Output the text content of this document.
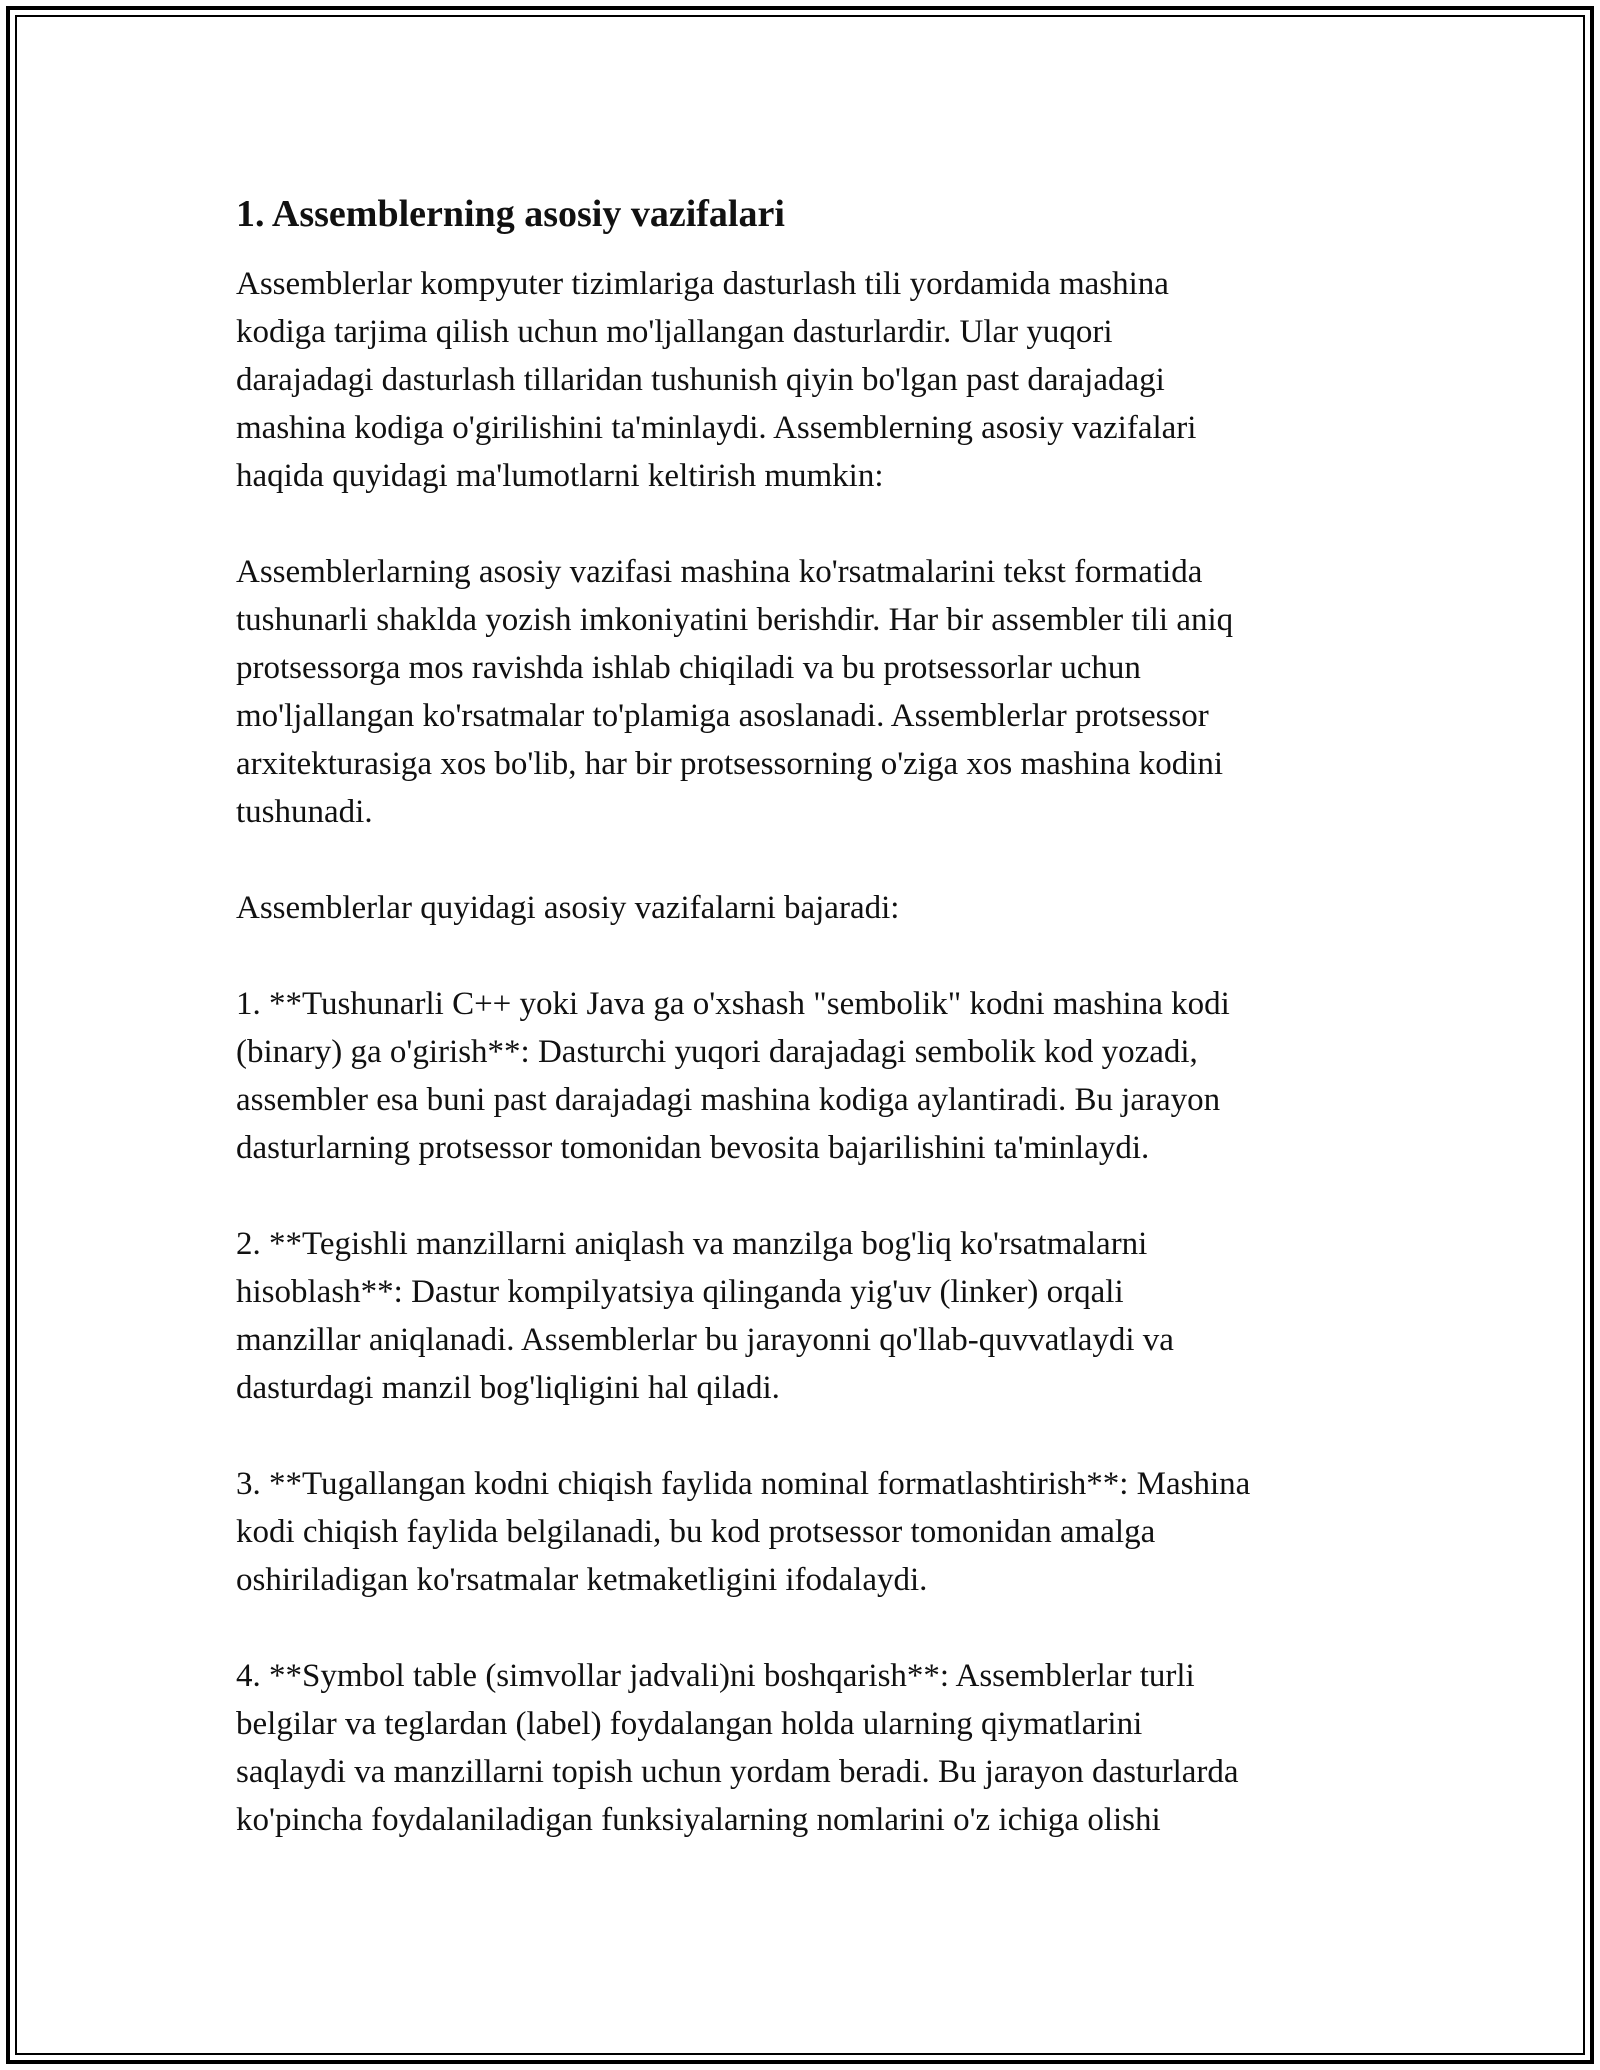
1. Assemblerning asosiy vazifalari

Assemblerlar kompyuter tizimlariga dasturlash tili yordamida mashina
kodiga tarjima qilish uchun mo'ljallangan dasturlardir. Ular yuqori
darajadagi dasturlash tillaridan tushunish qiyin bo'lgan past darajadagi
mashina kodiga o'girilishini ta'minlaydi. Assemblerning asosiy vazifalari
haqida quyidagi ma'lumotlarni keltirish mumkin:

Assemblerlarning asosiy vazifasi mashina ko'rsatmalarini tekst formatida
tushunarli shaklda yozish imkoniyatini berishdir. Har bir assembler tili aniq
protsessorga mos ravishda ishlab chiqiladi va bu protsessorlar uchun
mo'ljallangan ko'rsatmalar to'plamiga asoslanadi. Assemblerlar protsessor
arxitekturasiga xos bo'lib, har bir protsessorning o'ziga xos mashina kodini
tushunadi.

Assemblerlar quyidagi asosiy vazifalarni bajaradi:

1. **Tushunarli C++ yoki Java ga o'xshash "sembolik" kodni mashina kodi
(binary) ga o'girish**: Dasturchi yuqori darajadagi sembolik kod yozadi,
assembler esa buni past darajadagi mashina kodiga aylantiradi. Bu jarayon
dasturlarning protsessor tomonidan bevosita bajarilishini ta'minlaydi.

2. **Tegishli manzillarni aniqlash va manzilga bog'liq ko'rsatmalarni
hisoblash**: Dastur kompilyatsiya qilinganda yig'uv (linker) orqali
manzillar aniqlanadi. Assemblerlar bu jarayonni qo'llab-quvvatlaydi va
dasturdagi manzil bog'liqligini hal qiladi.

3. **Tugallangan kodni chiqish faylida nominal formatlashtirish**: Mashina
kodi chiqish faylida belgilanadi, bu kod protsessor tomonidan amalga
oshiriladigan ko'rsatmalar ketmaketligini ifodalaydi.

4. **Symbol table (simvollar jadvali)ni boshqarish**: Assemblerlar turli
belgilar va teglardan (label) foydalangan holda ularning qiymatlarini
saqlaydi va manzillarni topish uchun yordam beradi. Bu jarayon dasturlarda
ko'pincha foydalaniladigan funksiyalarning nomlarini o'z ichiga olishi
